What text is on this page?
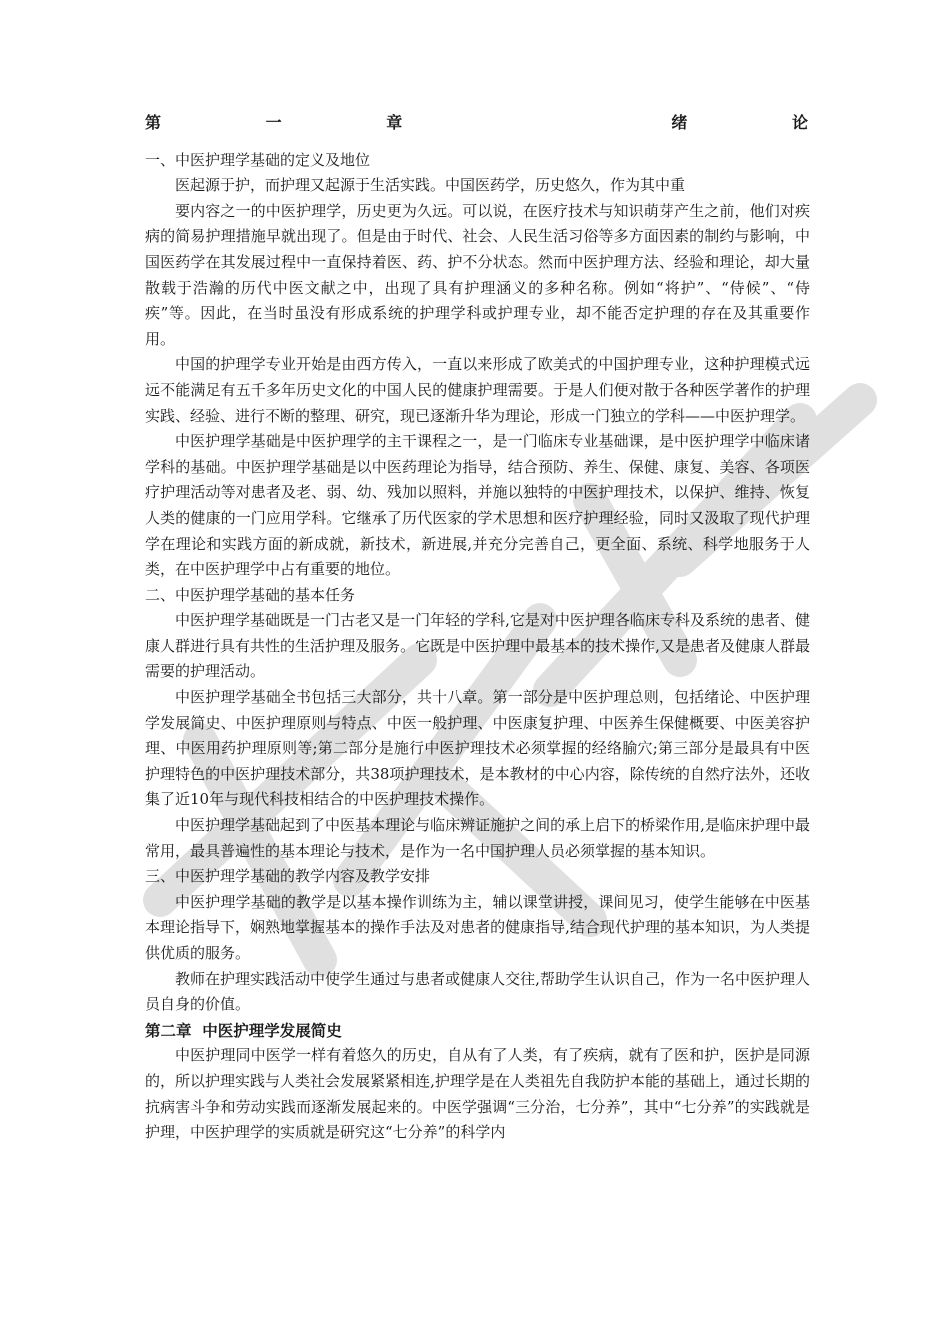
第	一	章	绪	论
一、中医护理学基础的定义及地位

医起源于护，而护理又起源于生活实践。中国医药学，历史悠久，作为其中重

要内容之一的中医护理学，历史更为久远。可以说，在医疗技术与知识萌芽产生之前，他们对疾病的简易护理措施早就出现了。但是由于时代、社会、人民生活习俗等多方面因素的制约与影响，中国医药学在其发展过程中一直保持着医、药、护不分状态。然而中医护理方法、经验和理论，却大量散载于浩瀚的历代中医文献之中，出现了具有护理涵义的多种名称。例如“将护”、“侍候”、“侍疾”等。因此，在当时虽没有形成系统的护理学科或护理专业，却不能否定护理的存在及其重要作用。

中国的护理学专业开始是由西方传入，一直以来形成了欧美式的中国护理专业，这种护理模式远远不能满足有五千多年历史文化的中国人民的健康护理需要。于是人们便对散于各种医学著作的护理实践、经验、进行不断的整理、研究，现已逐渐升华为理论，形成一门独立的学科——中医护理学。

中医护理学基础是中医护理学的主干课程之一，是一门临床专业基础课，是中医护理学中临床诸学科的基础。中医护理学基础是以中医药理论为指导，结合预防、养生、保健、康复、美容、各项医疗护理活动等对患者及老、弱、幼、残加以照料，并施以独特的中医护理技术，以保护、维持、恢复人类的健康的一门应用学科。它继承了历代医家的学术思想和医疗护理经验，同时又汲取了现代护理学在理论和实践方面的新成就，新技术，新进展,并充分完善自己，更全面、系统、科学地服务于人类，在中医护理学中占有重要的地位。

二、中医护理学基础的基本任务

中医护理学基础既是一门古老又是一门年轻的学科,它是对中医护理各临床专科及系统的患者、健康人群进行具有共性的生活护理及服务。它既是中医护理中最基本的技术操作,又是患者及健康人群最需要的护理活动。

中医护理学基础全书包括三大部分，共十八章。第一部分是中医护理总则，包括绪论、中医护理学发展简史、中医护理原则与特点、中医一般护理、中医康复护理、中医养生保健概要、中医美容护理、中医用药护理原则等;第二部分是施行中医护理技术必须掌握的经络腧穴;第三部分是最具有中医护理特色的中医护理技术部分，共38项护理技术，是本教材的中心内容，除传统的自然疗法外，还收集了近10年与现代科技相结合的中医护理技术操作。

中医护理学基础起到了中医基本理论与临床辨证施护之间的承上启下的桥梁作用,是临床护理中最常用，最具普遍性的基本理论与技术，是作为一名中国护理人员必须掌握的基本知识。

三、中医护理学基础的教学内容及教学安排

中医护理学基础的教学是以基本操作训练为主，辅以课堂讲授，课间见习，使学生能够在中医基本理论指导下，娴熟地掌握基本的操作手法及对患者的健康指导,结合现代护理的基本知识，为人类提供优质的服务。

教师在护理实践活动中使学生通过与患者或健康人交往,帮助学生认识自己，作为一名中医护理人员自身的价值。

第二章  中医护理学发展简史

中医护理同中医学一样有着悠久的历史，自从有了人类，有了疾病，就有了医和护，医护是同源的，所以护理实践与人类社会发展紧紧相连,护理学是在人类祖先自我防护本能的基础上，通过长期的抗病害斗争和劳动实践而逐渐发展起来的。中医学强调“三分治，七分养”，其中“七分养”的实践就是护理，中医护理学的实质就是研究这“七分养”的科学内
